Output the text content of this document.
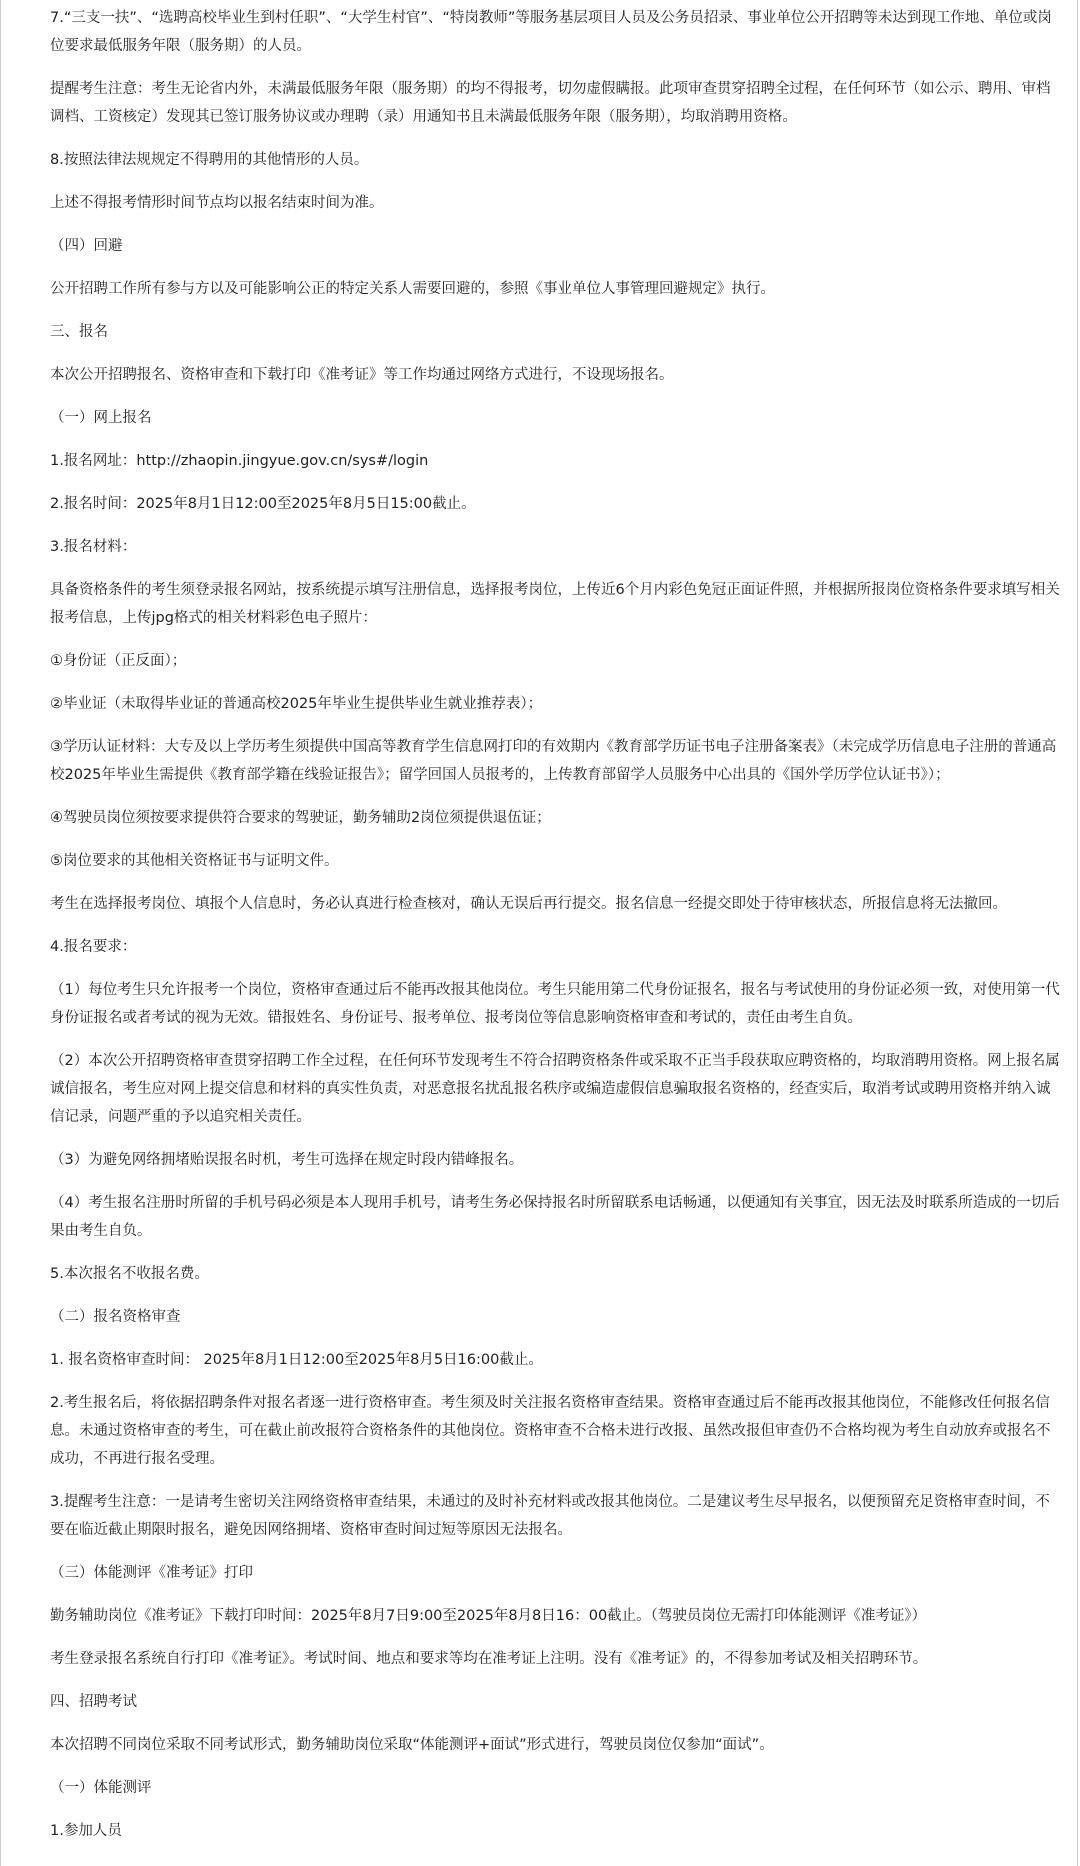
7.“三支一扶”、“选聘高校毕业生到村任职”、“大学生村官”、“特岗教师”等服务基层项目人员及公务员招录、事业单位公开招聘等未达到现工作地、单位或岗位要求最低服务年限（服务期）的人员。

提醒考生注意：考生无论省内外，未满最低服务年限（服务期）的均不得报考，切勿虚假瞒报。此项审查贯穿招聘全过程，在任何环节（如公示、聘用、审档调档、工资核定）发现其已签订服务协议或办理聘（录）用通知书且未满最低服务年限（服务期），均取消聘用资格。

8.按照法律法规规定不得聘用的其他情形的人员。

上述不得报考情形时间节点均以报名结束时间为准。

（四）回避

公开招聘工作所有参与方以及可能影响公正的特定关系人需要回避的，参照《事业单位人事管理回避规定》执行。

三、报名

本次公开招聘报名、资格审查和下载打印《准考证》等工作均通过网络方式进行，不设现场报名。

（一）网上报名

1.报名网址：http://zhaopin.jingyue.gov.cn/sys#/login

2.报名时间：2025年8月1日12:00至2025年8月5日15:00截止。

3.报名材料：

具备资格条件的考生须登录报名网站，按系统提示填写注册信息，选择报考岗位，上传近6个月内彩色免冠正面证件照，并根据所报岗位资格条件要求填写相关报考信息，上传jpg格式的相关材料彩色电子照片：

①身份证（正反面）；

②毕业证（未取得毕业证的普通高校2025年毕业生提供毕业生就业推荐表）；

③学历认证材料：大专及以上学历考生须提供中国高等教育学生信息网打印的有效期内《教育部学历证书电子注册备案表》（未完成学历信息电子注册的普通高校2025年毕业生需提供《教育部学籍在线验证报告》；留学回国人员报考的，上传教育部留学人员服务中心出具的《国外学历学位认证书》）；

④驾驶员岗位须按要求提供符合要求的驾驶证，勤务辅助2岗位须提供退伍证；

⑤岗位要求的其他相关资格证书与证明文件。

考生在选择报考岗位、填报个人信息时，务必认真进行检查核对，确认无误后再行提交。报名信息一经提交即处于待审核状态，所报信息将无法撤回。

4.报名要求：

（1）每位考生只允许报考一个岗位，资格审查通过后不能再改报其他岗位。考生只能用第二代身份证报名，报名与考试使用的身份证必须一致，对使用第一代身份证报名或者考试的视为无效。错报姓名、身份证号、报考单位、报考岗位等信息影响资格审查和考试的，责任由考生自负。

（2）本次公开招聘资格审查贯穿招聘工作全过程，在任何环节发现考生不符合招聘资格条件或采取不正当手段获取应聘资格的，均取消聘用资格。网上报名属诚信报名，考生应对网上提交信息和材料的真实性负责，对恶意报名扰乱报名秩序或编造虚假信息骗取报名资格的，经查实后，取消考试或聘用资格并纳入诚信记录，问题严重的予以追究相关责任。

（3）为避免网络拥堵贻误报名时机，考生可选择在规定时段内错峰报名。

（4）考生报名注册时所留的手机号码必须是本人现用手机号，请考生务必保持报名时所留联系电话畅通，以便通知有关事宜，因无法及时联系所造成的一切后果由考生自负。

5.本次报名不收报名费。

（二）报名资格审查

1. 报名资格审查时间： 2025年8月1日12:00至2025年8月5日16:00截止。

2.考生报名后，将依据招聘条件对报名者逐一进行资格审查。考生须及时关注报名资格审查结果。资格审查通过后不能再改报其他岗位，不能修改任何报名信息。未通过资格审查的考生，可在截止前改报符合资格条件的其他岗位。资格审查不合格未进行改报、虽然改报但审查仍不合格均视为考生自动放弃或报名不成功，不再进行报名受理。

3.提醒考生注意：一是请考生密切关注网络资格审查结果，未通过的及时补充材料或改报其他岗位。二是建议考生尽早报名，以便预留充足资格审查时间，不要在临近截止期限时报名，避免因网络拥堵、资格审查时间过短等原因无法报名。

（三）体能测评《准考证》打印

勤务辅助岗位《准考证》下载打印时间：2025年8月7日9:00至2025年8月8日16：00截止。（驾驶员岗位无需打印体能测评《准考证》）

考生登录报名系统自行打印《准考证》。考试时间、地点和要求等均在准考证上注明。没有《准考证》的，不得参加考试及相关招聘环节。

四、招聘考试

本次招聘不同岗位采取不同考试形式，勤务辅助岗位采取“体能测评+面试”形式进行，驾驶员岗位仅参加“面试”。

（一）体能测评

1.参加人员
